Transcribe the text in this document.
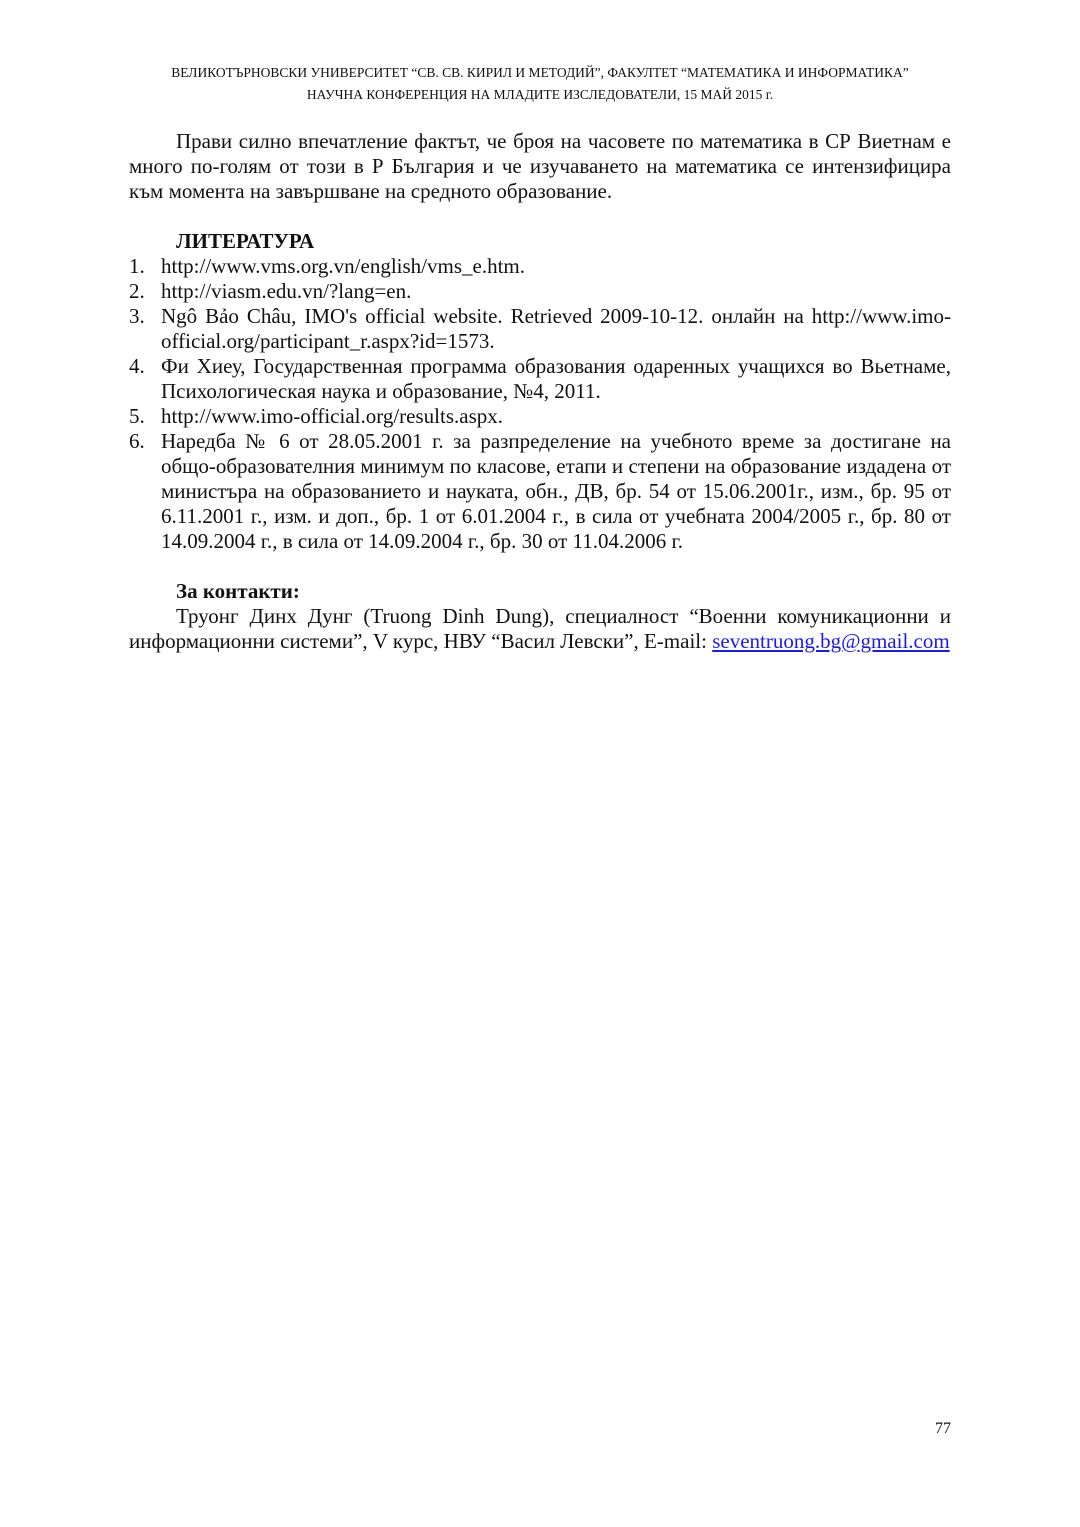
ВЕЛИКОТЪРНОВСКИ УНИВЕРСИТЕТ “СВ. СВ. КИРИЛ И МЕТОДИЙ”, ФАКУЛТЕТ “МАТЕМАТИКА И ИНФОРМАТИКА”
НАУЧНА КОНФЕРЕНЦИЯ НА МЛАДИТЕ ИЗСЛЕДОВАТЕЛИ, 15 МАЙ 2015 г.

Прави силно впечатление фактът, че броя на часовете по математика в СР Виетнам е много по-голям от този в Р България и че изучаването на математика се интензифицира към момента на завършване на средното образование.

ЛИТЕРАТУРА

1. http://www.vms.org.vn/english/vms_e.htm.
2. http://viasm.edu.vn/?lang=en.
3. Ngô Bảo Châu, IMO's official website. Retrieved 2009-10-12. онлайн на http://www.imo-official.org/participant_r.aspx?id=1573.
4. Фи Хиеу, Государственная программа образования одаренных учащихся во Вьетнаме, Психологическая наука и образование, №4, 2011.
5. http://www.imo-official.org/results.aspx.
6. Наредба № 6 от 28.05.2001 г. за разпределение на учебното време за достигане на общо-образователния минимум по класове, етапи и степени на образование издадена от министъра на образованието и науката, обн., ДВ, бр. 54 от 15.06.2001г., изм., бр. 95 от 6.11.2001 г., изм. и доп., бр. 1 от 6.01.2004 г., в сила от учебната 2004/2005 г., бр. 80 от 14.09.2004 г., в сила от 14.09.2004 г., бр. 30 от 11.04.2006 г.

За контакти:

Труонг Динх Дунг (Truong Dinh Dung), специалност “Военни комуникационни и информационни системи”, V курс, НВУ “Васил Левски”, E-mail: seventruong.bg@gmail.com

77
